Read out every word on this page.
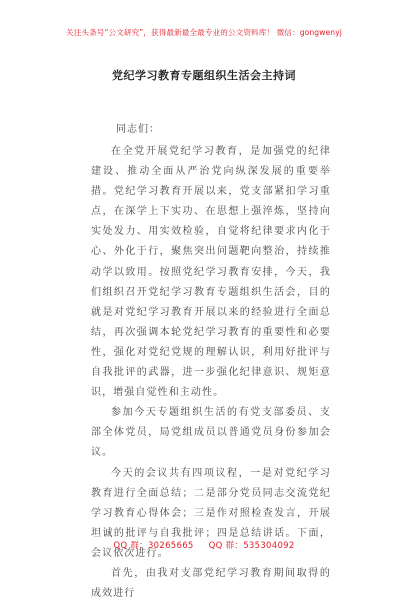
关注头条号“公文研究”，获得最新最全最专业的公文资料库！ 微信：gongwenyj
党纪学习教育专题组织生活会主持词
同志们：

在全党开展党纪学习教育，是加强党的纪律建设、推动全面从严治党向纵深发展的重要举措。党纪学习教育开展以来，党支部紧扣学习重点，在深学上下实功、在思想上强淬炼，坚持向实处发力、用实效检验，自觉将纪律要求内化于心、外化于行，聚焦突出问题靶向整治，持续推动学以致用。按照党纪学习教育安排，今天，我们组织召开党纪学习教育专题组织生活会，目的就是对党纪学习教育开展以来的经验进行全面总结，再次强调本轮党纪学习教育的重要性和必要性，强化对党纪党规的理解认识，利用好批评与自我批评的武器，进一步强化纪律意识、规矩意识，增强自觉性和主动性。

参加今天专题组织生活的有党支部委员、支部全体党员，局党组成员以普通党员身份参加会议。

今天的会议共有四项议程，一是对党纪学习教育进行全面总结；二是部分党员同志交流党纪学习教育心得体会；三是作对照检查发言，开展坦诚的批评与自我批评；四是总结讲话。下面，会议依次进行。

首先，由我对支部党纪学习教育期间取得的成效进行

QQ 群：30265665 QQ 群：535304092
